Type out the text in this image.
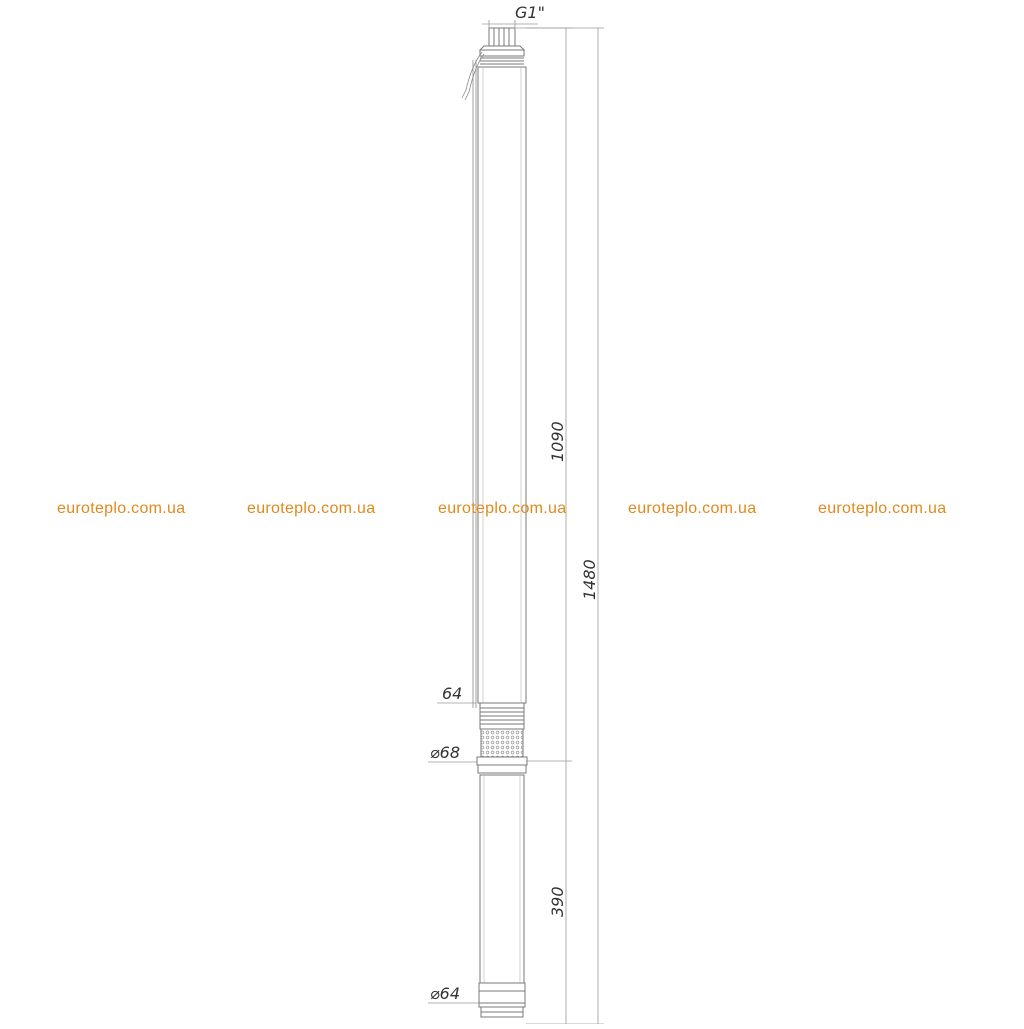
G1"
1090
1480
390
64
⌀68
⌀64
euroteplo.com.ua	euroteplo.com.ua	euroteplo.com.ua	euroteplo.com.ua	euroteplo.com.ua
